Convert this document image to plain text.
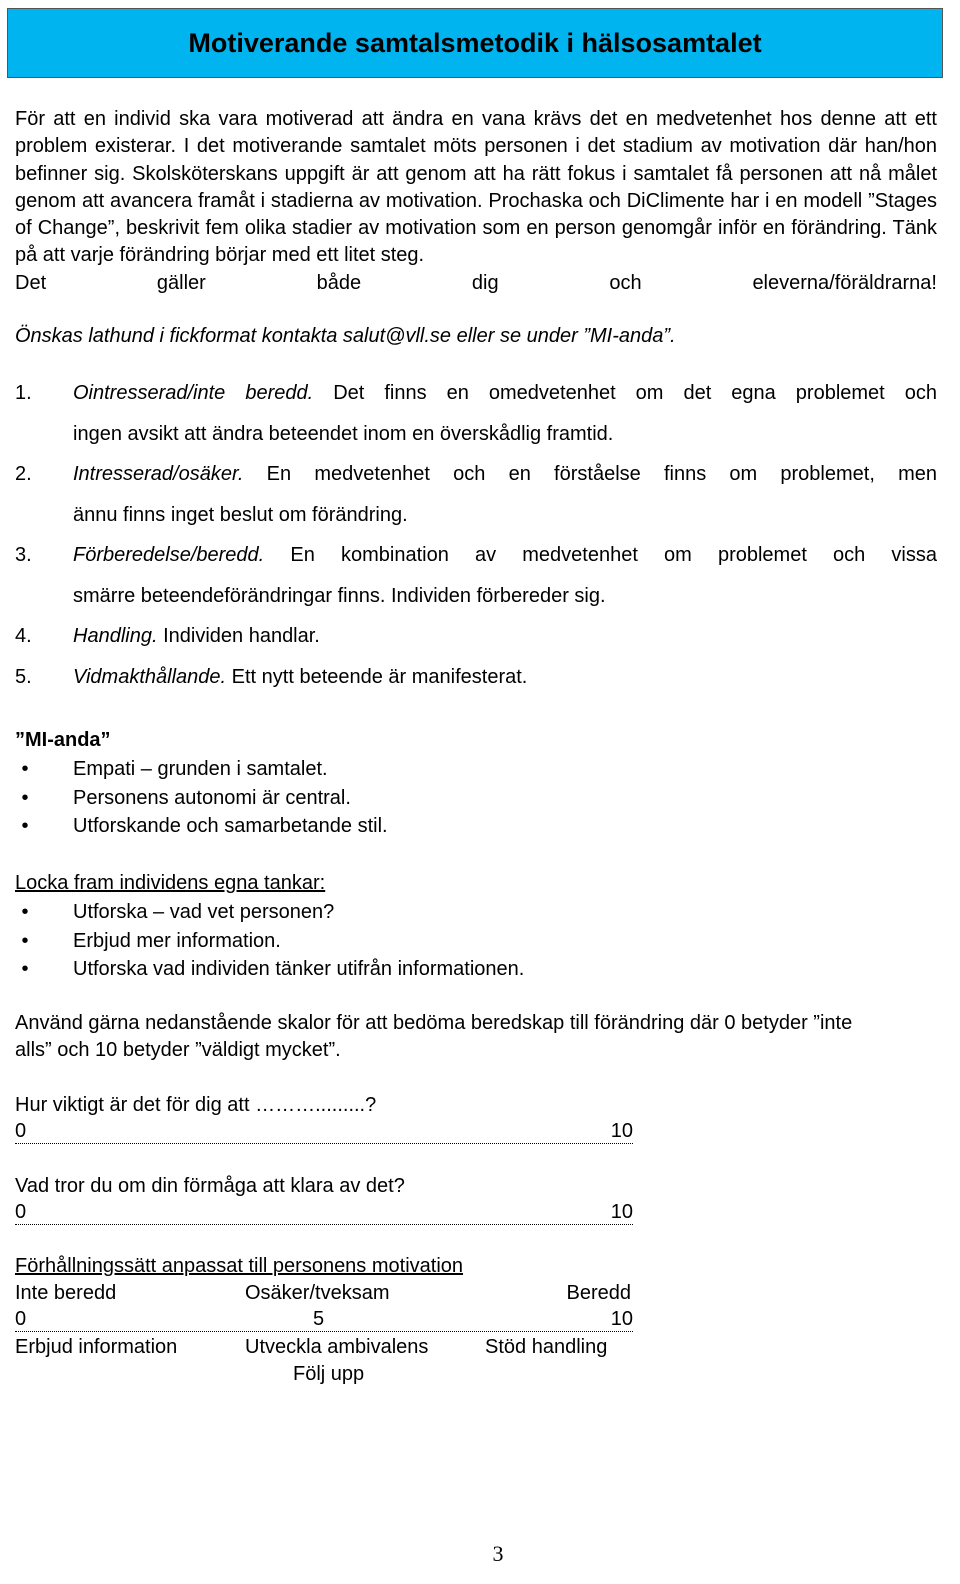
Motiverande samtalsmetodik i hälsosamtalet

För att en individ ska vara motiverad att ändra en vana krävs det en medvetenhet hos denne att ett problem existerar. I det motiverande samtalet möts personen i det stadium av motivation där han/hon befinner sig. Skolsköterskans uppgift är att genom att ha rätt fokus i samtalet få personen att nå målet genom att avancera framåt i stadierna av motivation. Prochaska och DiClimente har i en modell ”Stages of Change”, beskrivit fem olika stadier av motivation som en person genomgår inför en förändring. Tänk på att varje förändring börjar med ett litet steg.
Det gäller både dig och eleverna/föräldrarna!

Önskas lathund i fickformat kontakta salut@vll.se eller se under ”MI-anda”.

1. Ointresserad/inte beredd. Det finns en omedvetenhet om det egna problemet och
ingen avsikt att ändra beteendet inom en överskådlig framtid.
2. Intresserad/osäker. En medvetenhet och en förståelse finns om problemet, men
ännu finns inget beslut om förändring.
3. Förberedelse/beredd. En kombination av medvetenhet om problemet och vissa
smärre beteendeförändringar finns. Individen förbereder sig.
4. Handling. Individen handlar.
5. Vidmakthållande. Ett nytt beteende är manifesterat.
”MI-anda”
•	Empati – grunden i samtalet.
•	Personens autonomi är central.
•	Utforskande och samarbetande stil.
Locka fram individens egna tankar:
•	Utforska – vad vet personen?
•	Erbjud mer information.
•	Utforska vad individen tänker utifrån informationen.
Använd gärna nedanstående skalor för att bedöma beredskap till förändring där 0 betyder ”inte alls” och 10 betyder ”väldigt mycket”.
Hur viktigt är det för dig att ……….........?
0	10
Vad tror du om din förmåga att klara av det?
0	10
Förhållningssätt anpassat till personens motivation
Inte beredd	Osäker/tveksam	Beredd
0	5	10
Erbjud information	Utveckla ambivalens	Stöd handling
Följ upp
3
